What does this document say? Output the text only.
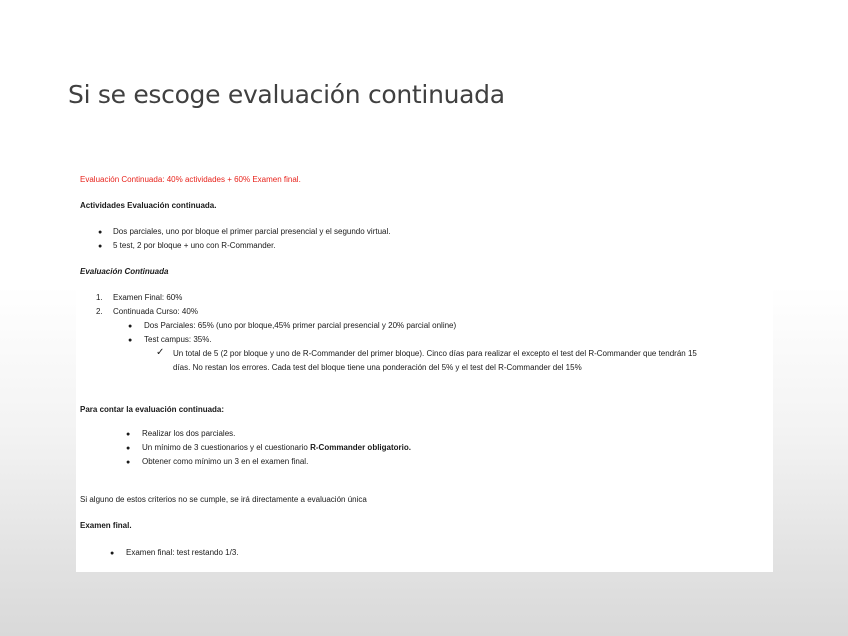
Si se escoge evaluación continuada
Evaluación Continuada: 40% actividades + 60% Examen final.
Actividades Evaluación continuada.
● Dos parciales, uno por bloque el primer parcial presencial y el segundo virtual.
● 5 test, 2 por bloque + uno con R-Commander.
Evaluación Continuada
1. Examen Final: 60%
2. Continuada Curso: 40%
● Dos Parciales: 65% (uno por bloque,45% primer parcial presencial y 20% parcial online)
● Test campus: 35%.
✓ Un total de 5 (2 por bloque y uno de R-Commander del primer bloque). Cinco días para realizar el excepto el test del R-Commander que tendrán 15
días. No restan los errores. Cada test del bloque tiene una ponderación del 5% y el test del R-Commander del 15%
Para contar la evaluación continuada:
● Realizar los dos parciales.
● Un mínimo de 3 cuestionarios y el cuestionario R-Commander obligatorio.
● Obtener como mínimo un 3 en el examen final.
Si alguno de estos criterios no se cumple, se irá directamente a evaluación única
Examen final.
● Examen final: test restando 1/3.
